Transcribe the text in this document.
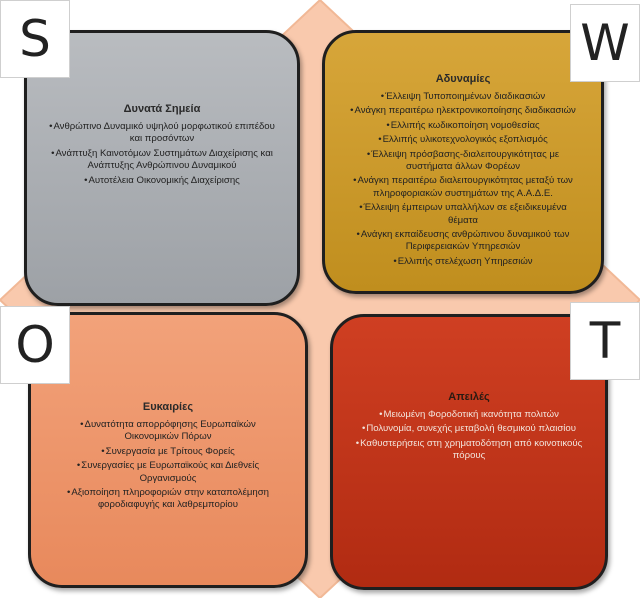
Δυνατά Σημεία
• Ανθρώπινο Δυναμικό υψηλού μορφωτικού επιπέδου και προσόντων
• Ανάπτυξη Καινοτόμων Συστημάτων Διαχείρισης και Ανάπτυξης Ανθρώπινου Δυναμικού
• Αυτοτέλεια Οικονομικής Διαχείρισης
Αδυναμίες
• Έλλειψη Τυποποιημένων διαδικασιών
• Ανάγκη περαιτέρω ηλεκτρονικοποίησης διαδικασιών
• Ελλιπής κωδικοποίηση νομοθεσίας
• Ελλιπής υλικοτεχνολογικός εξοπλισμός
• Έλλειψη πρόσβασης-διαλειτουργικότητας με συστήματα άλλων Φορέων
• Ανάγκη περαιτέρω διαλειτουργικότητας μεταξύ των πληροφοριακών συστημάτων της Α.Α.Δ.Ε.
• Έλλειψη έμπειρων υπαλλήλων σε εξειδικευμένα θέματα
• Ανάγκη εκπαίδευσης ανθρώπινου δυναμικού των Περιφερειακών Υπηρεσιών
• Ελλιπής στελέχωση Υπηρεσιών
Ευκαιρίες
• Δυνατότητα απορρόφησης Ευρωπαϊκών Οικονομικών Πόρων
• Συνεργασία με Τρίτους Φορείς
• Συνεργασίες με Ευρωπαϊκούς και Διεθνείς Οργανισμούς
• Αξιοποίηση πληροφοριών στην καταπολέμηση φοροδιαφυγής και λαθρεμπορίου
Απειλές
• Μειωμένη Φοροδοτική ικανότητα πολιτών
• Πολυνομία, συνεχής μεταβολή θεσμικού πλαισίου
• Καθυστερήσεις στη χρηματοδότηση από κοινοτικούς πόρους
S	W
O	T
